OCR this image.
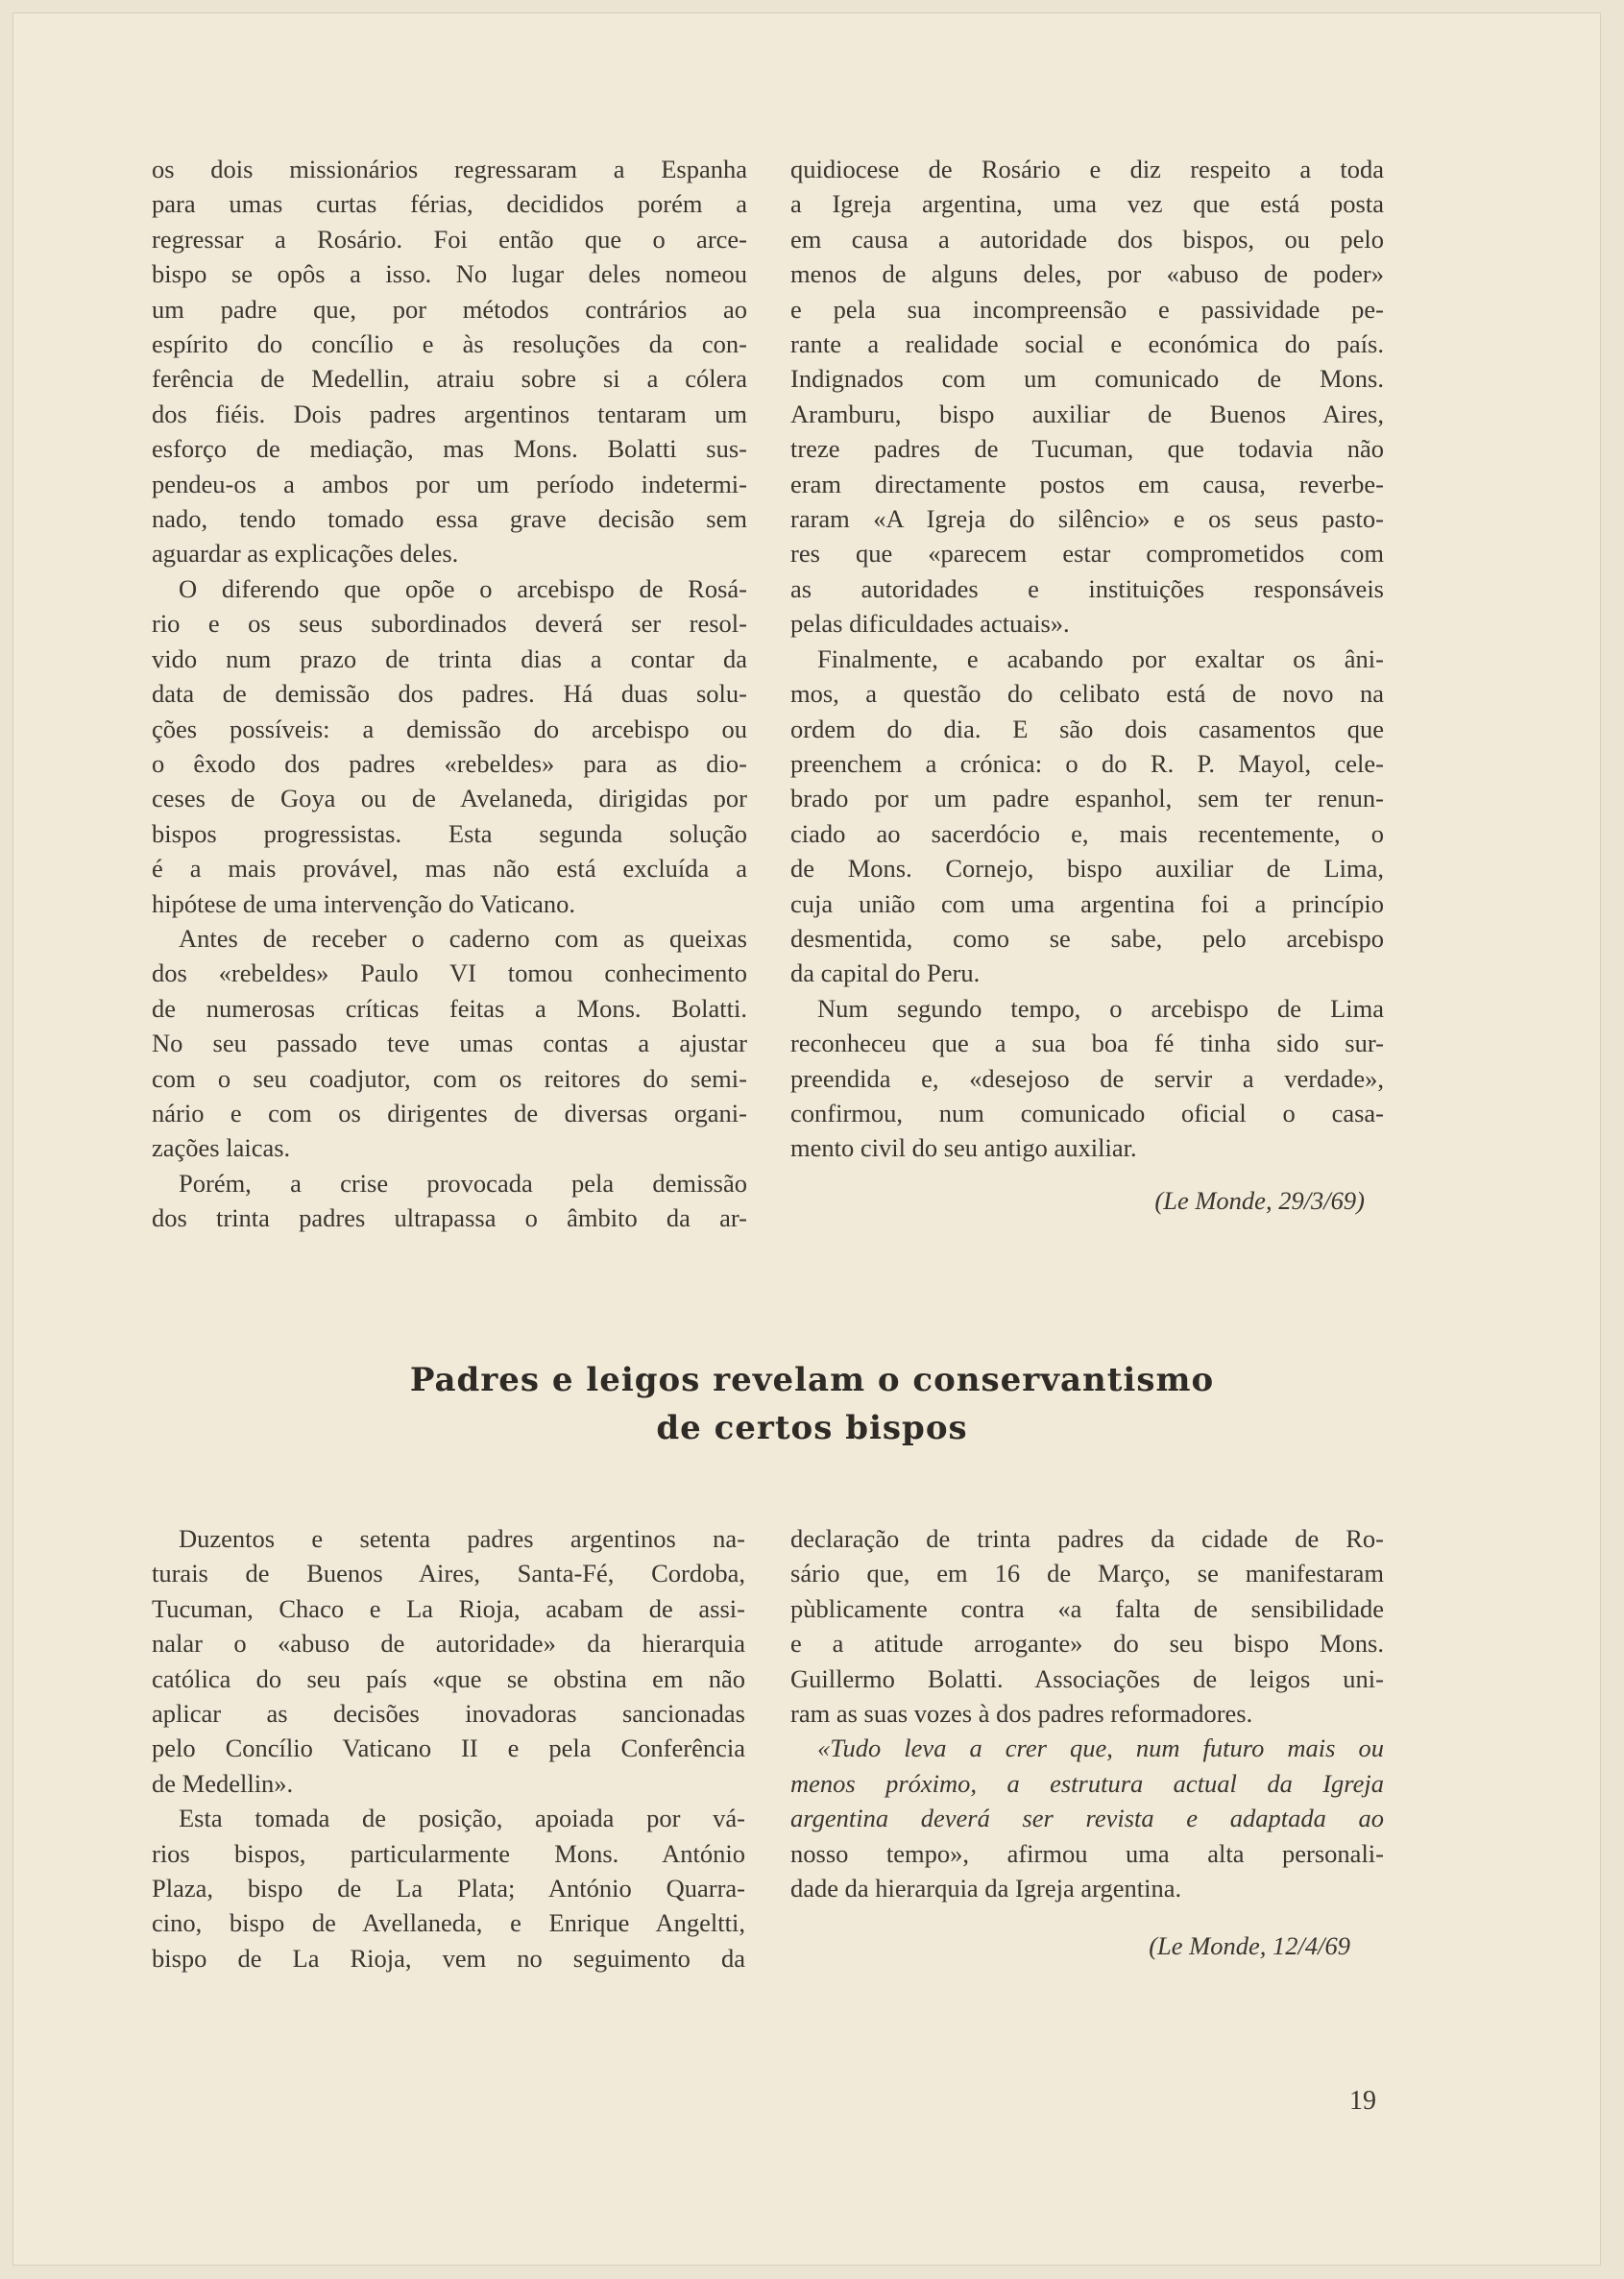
os dois missionários regressaram a Espanha
para umas curtas férias, decididos porém a
regressar a Rosário. Foi então que o arce-
bispo se opôs a isso. No lugar deles nomeou
um padre que, por métodos contrários ao
espírito do concílio e às resoluções da con-
ferência de Medellin, atraiu sobre si a cólera
dos fiéis. Dois padres argentinos tentaram um
esforço de mediação, mas Mons. Bolatti sus-
pendeu-os a ambos por um período indetermi-
nado, tendo tomado essa grave decisão sem
aguardar as explicações deles.
O diferendo que opõe o arcebispo de Rosá-
rio e os seus subordinados deverá ser resol-
vido num prazo de trinta dias a contar da
data de demissão dos padres. Há duas solu-
ções possíveis: a demissão do arcebispo ou
o êxodo dos padres «rebeldes» para as dio-
ceses de Goya ou de Avelaneda, dirigidas por
bispos progressistas. Esta segunda solução
é a mais provável, mas não está excluída a
hipótese de uma intervenção do Vaticano.
Antes de receber o caderno com as queixas
dos «rebeldes» Paulo VI tomou conhecimento
de numerosas críticas feitas a Mons. Bolatti.
No seu passado teve umas contas a ajustar
com o seu coadjutor, com os reitores do semi-
nário e com os dirigentes de diversas organi-
zações laicas.
Porém, a crise provocada pela demissão
dos trinta padres ultrapassa o âmbito da ar-
quidiocese de Rosário e diz respeito a toda
a Igreja argentina, uma vez que está posta
em causa a autoridade dos bispos, ou pelo
menos de alguns deles, por «abuso de poder»
e pela sua incompreensão e passividade pe-
rante a realidade social e económica do país.
Indignados com um comunicado de Mons.
Aramburu, bispo auxiliar de Buenos Aires,
treze padres de Tucuman, que todavia não
eram directamente postos em causa, reverbe-
raram «A Igreja do silêncio» e os seus pasto-
res que «parecem estar comprometidos com
as autoridades e instituições responsáveis
pelas dificuldades actuais».
Finalmente, e acabando por exaltar os âni-
mos, a questão do celibato está de novo na
ordem do dia. E são dois casamentos que
preenchem a crónica: o do R. P. Mayol, cele-
brado por um padre espanhol, sem ter renun-
ciado ao sacerdócio e, mais recentemente, o
de Mons. Cornejo, bispo auxiliar de Lima,
cuja união com uma argentina foi a princípio
desmentida, como se sabe, pelo arcebispo
da capital do Peru.
Num segundo tempo, o arcebispo de Lima
reconheceu que a sua boa fé tinha sido sur-
preendida e, «desejoso de servir a verdade»,
confirmou, num comunicado oficial o casa-
mento civil do seu antigo auxiliar.
(Le Monde, 29/3/69)
Padres e leigos revelam o conservantismo
de certos bispos
Duzentos e setenta padres argentinos na-
turais de Buenos Aires, Santa-Fé, Cordoba,
Tucuman, Chaco e La Rioja, acabam de assi-
nalar o «abuso de autoridade» da hierarquia
católica do seu país «que se obstina em não
aplicar as decisões inovadoras sancionadas
pelo Concílio Vaticano II e pela Conferência
de Medellin».
Esta tomada de posição, apoiada por vá-
rios bispos, particularmente Mons. António
Plaza, bispo de La Plata; António Quarra-
cino, bispo de Avellaneda, e Enrique Angeltti,
bispo de La Rioja, vem no seguimento da
declaração de trinta padres da cidade de Ro-
sário que, em 16 de Março, se manifestaram
pùblicamente contra «a falta de sensibilidade
e a atitude arrogante» do seu bispo Mons.
Guillermo Bolatti. Associações de leigos uni-
ram as suas vozes à dos padres reformadores.
«Tudo leva a crer que, num futuro mais ou
menos próximo, a estrutura actual da Igreja
argentina deverá ser revista e adaptada ao
nosso tempo», afirmou uma alta personali-
dade da hierarquia da Igreja argentina.
(Le Monde, 12/4/69
19
